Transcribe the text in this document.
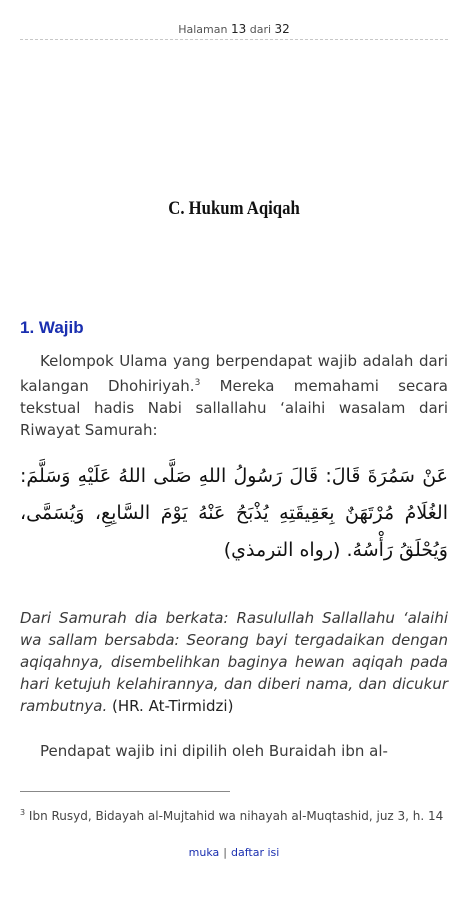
Halaman 13 dari 32
C. Hukum Aqiqah
1. Wajib
Kelompok Ulama yang berpendapat wajib adalah dari kalangan Dhohiriyah.$^3$ Mereka memahami secara tekstual hadis Nabi sallallahu ‘alaihi wasalam dari Riwayat Samurah:
عَنْ سَمُرَةَ قَالَ: قَالَ رَسُولُ اللهِ صَلَّى اللهُ عَلَيْهِ وَسَلَّمَ: الغُلَامُ مُرْتَهَنٌ بِعَقِيقَتِهِ يُذْبَحُ عَنْهُ يَوْمَ السَّابِعِ، وَيُسَمَّى، وَيُحْلَقُ رَأْسُهُ. (رواه الترمذي)
Dari Samurah dia berkata: Rasulullah Sallallahu ‘alaihi wa sallam bersabda: Seorang bayi tergadaikan dengan aqiqahnya, disembelihkan baginya hewan aqiqah pada hari ketujuh kelahirannya, dan diberi nama, dan dicukur rambutnya. (HR. At-Tirmidzi)
Pendapat wajib ini dipilih oleh Buraidah ibn al-
$^3$ Ibn Rusyd, Bidayah al-Mujtahid wa nihayah al-Muqtashid, juz 3, h. 14
muka | daftar isi
